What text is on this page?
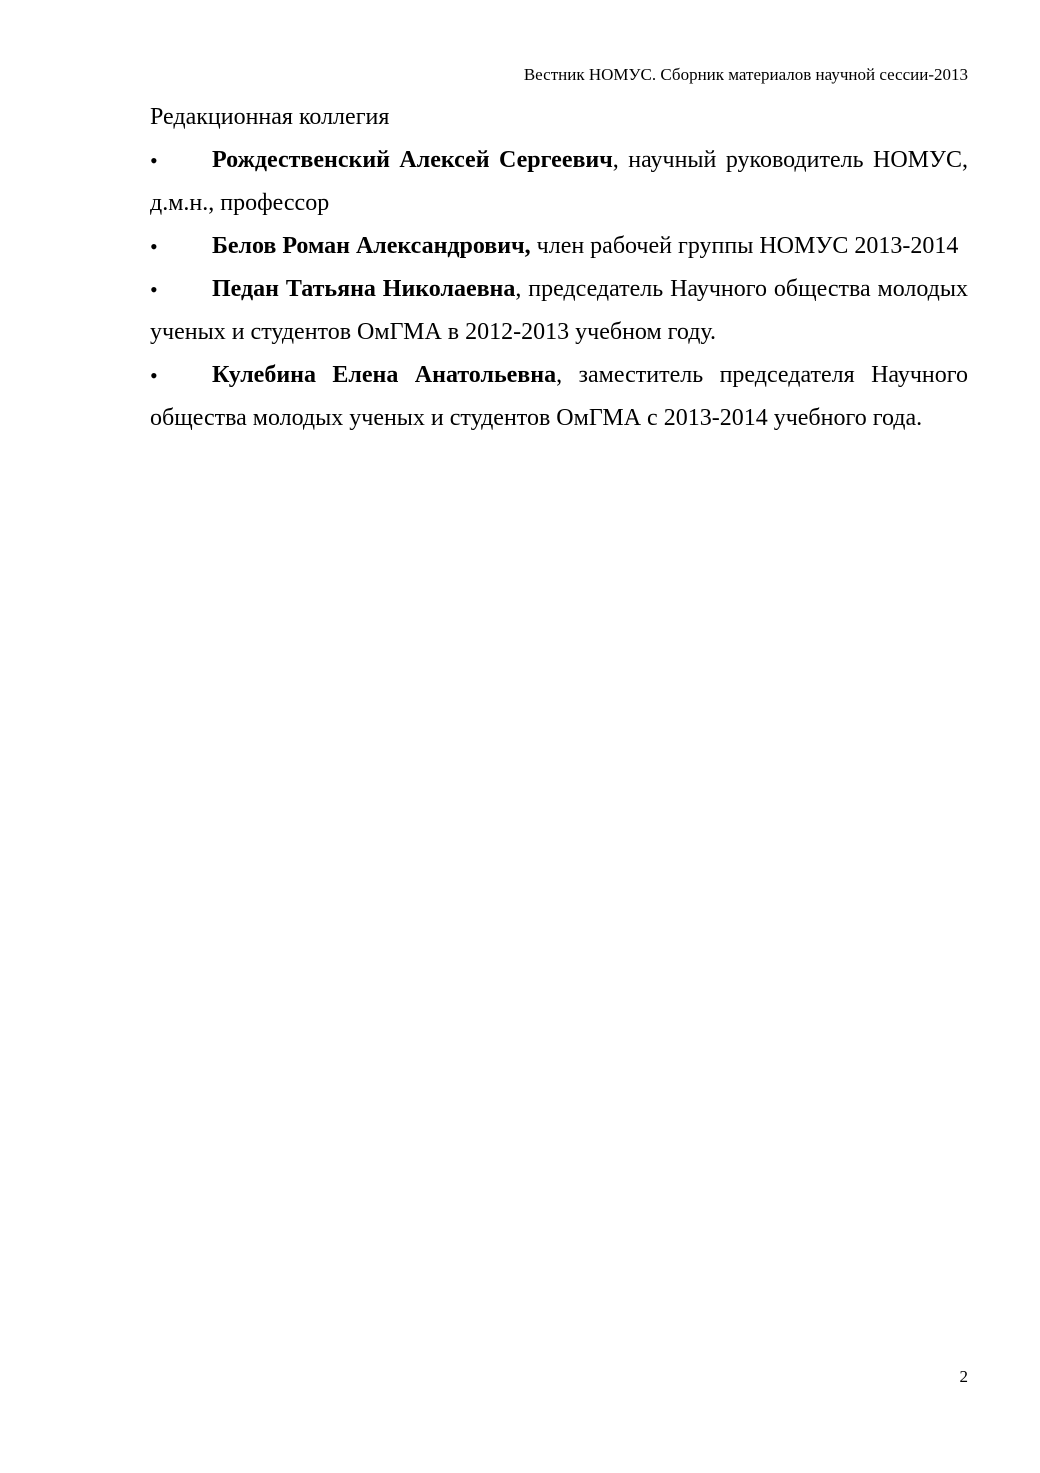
Вестник НОМУС. Сборник материалов научной сессии-2013

Редакционная коллегия

• Рождественский Алексей Сергеевич, научный руководитель НОМУС, д.м.н., профессор

• Белов Роман Александрович, член рабочей группы НОМУС 2013-2014

• Педан Татьяна Николаевна, председатель Научного общества молодых ученых и студентов ОмГМА в 2012-2013 учебном году.

• Кулебина Елена Анатольевна, заместитель председателя Научного общества молодых ученых и студентов ОмГМА с 2013-2014 учебного года.

2
